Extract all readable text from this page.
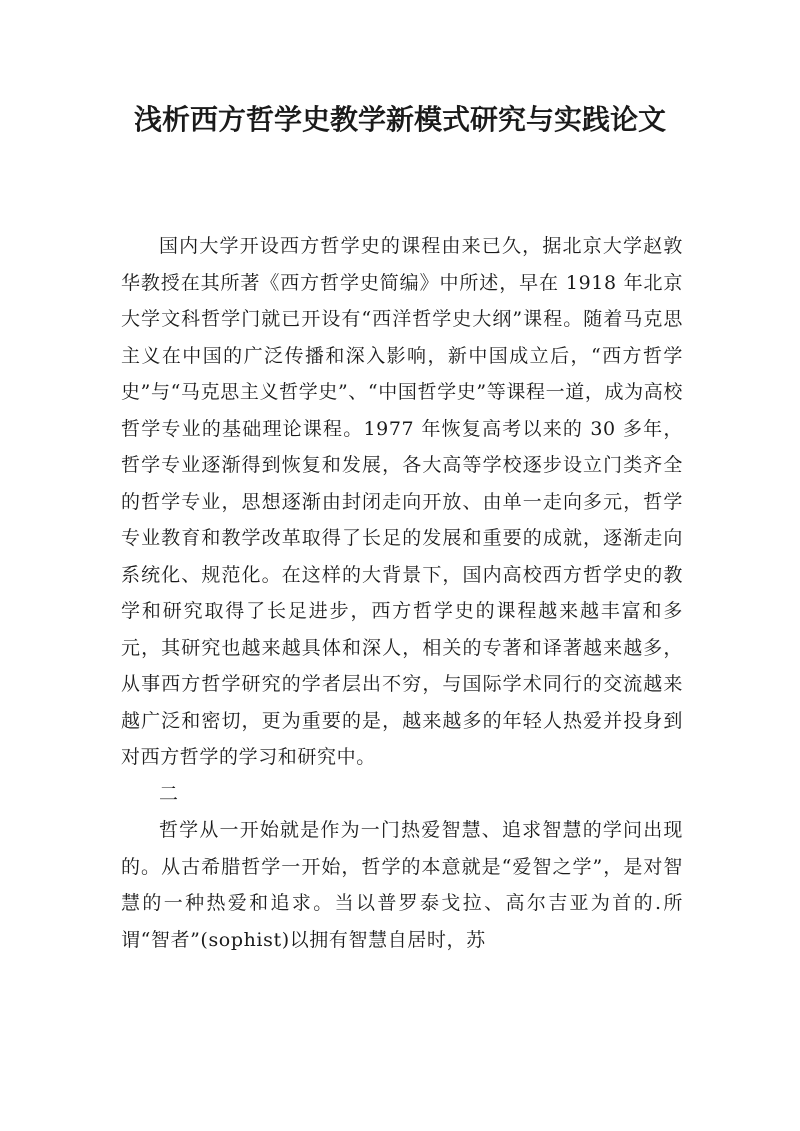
浅析西方哲学史教学新模式研究与实践论文

国内大学开设西方哲学史的课程由来已久，据北京大学赵敦华教授在其所著《西方哲学史简编》中所述，早在 1918 年北京大学文科哲学门就已开设有“西洋哲学史大纲”课程。随着马克思主义在中国的广泛传播和深入影响，新中国成立后，“西方哲学史”与“马克思主义哲学史”、“中国哲学史”等课程一道，成为高校哲学专业的基础理论课程。1977 年恢复高考以来的 30 多年，哲学专业逐渐得到恢复和发展，各大高等学校逐步设立门类齐全的哲学专业，思想逐渐由封闭走向开放、由单一走向多元，哲学专业教育和教学改革取得了长足的发展和重要的成就，逐渐走向系统化、规范化。在这样的大背景下，国内高校西方哲学史的教学和研究取得了长足进步，西方哲学史的课程越来越丰富和多元，其研究也越来越具体和深人，相关的专著和译著越来越多，从事西方哲学研究的学者层出不穷，与国际学术同行的交流越来越广泛和密切，更为重要的是，越来越多的年轻人热爱并投身到对西方哲学的学习和研究中。

二

哲学从一开始就是作为一门热爱智慧、追求智慧的学问出现的。从古希腊哲学一开始，哲学的本意就是“爱智之学”，是对智慧的一种热爱和追求。当以普罗泰戈拉、高尔吉亚为首的.所谓“智者”(sophist)以拥有智慧自居时，苏
